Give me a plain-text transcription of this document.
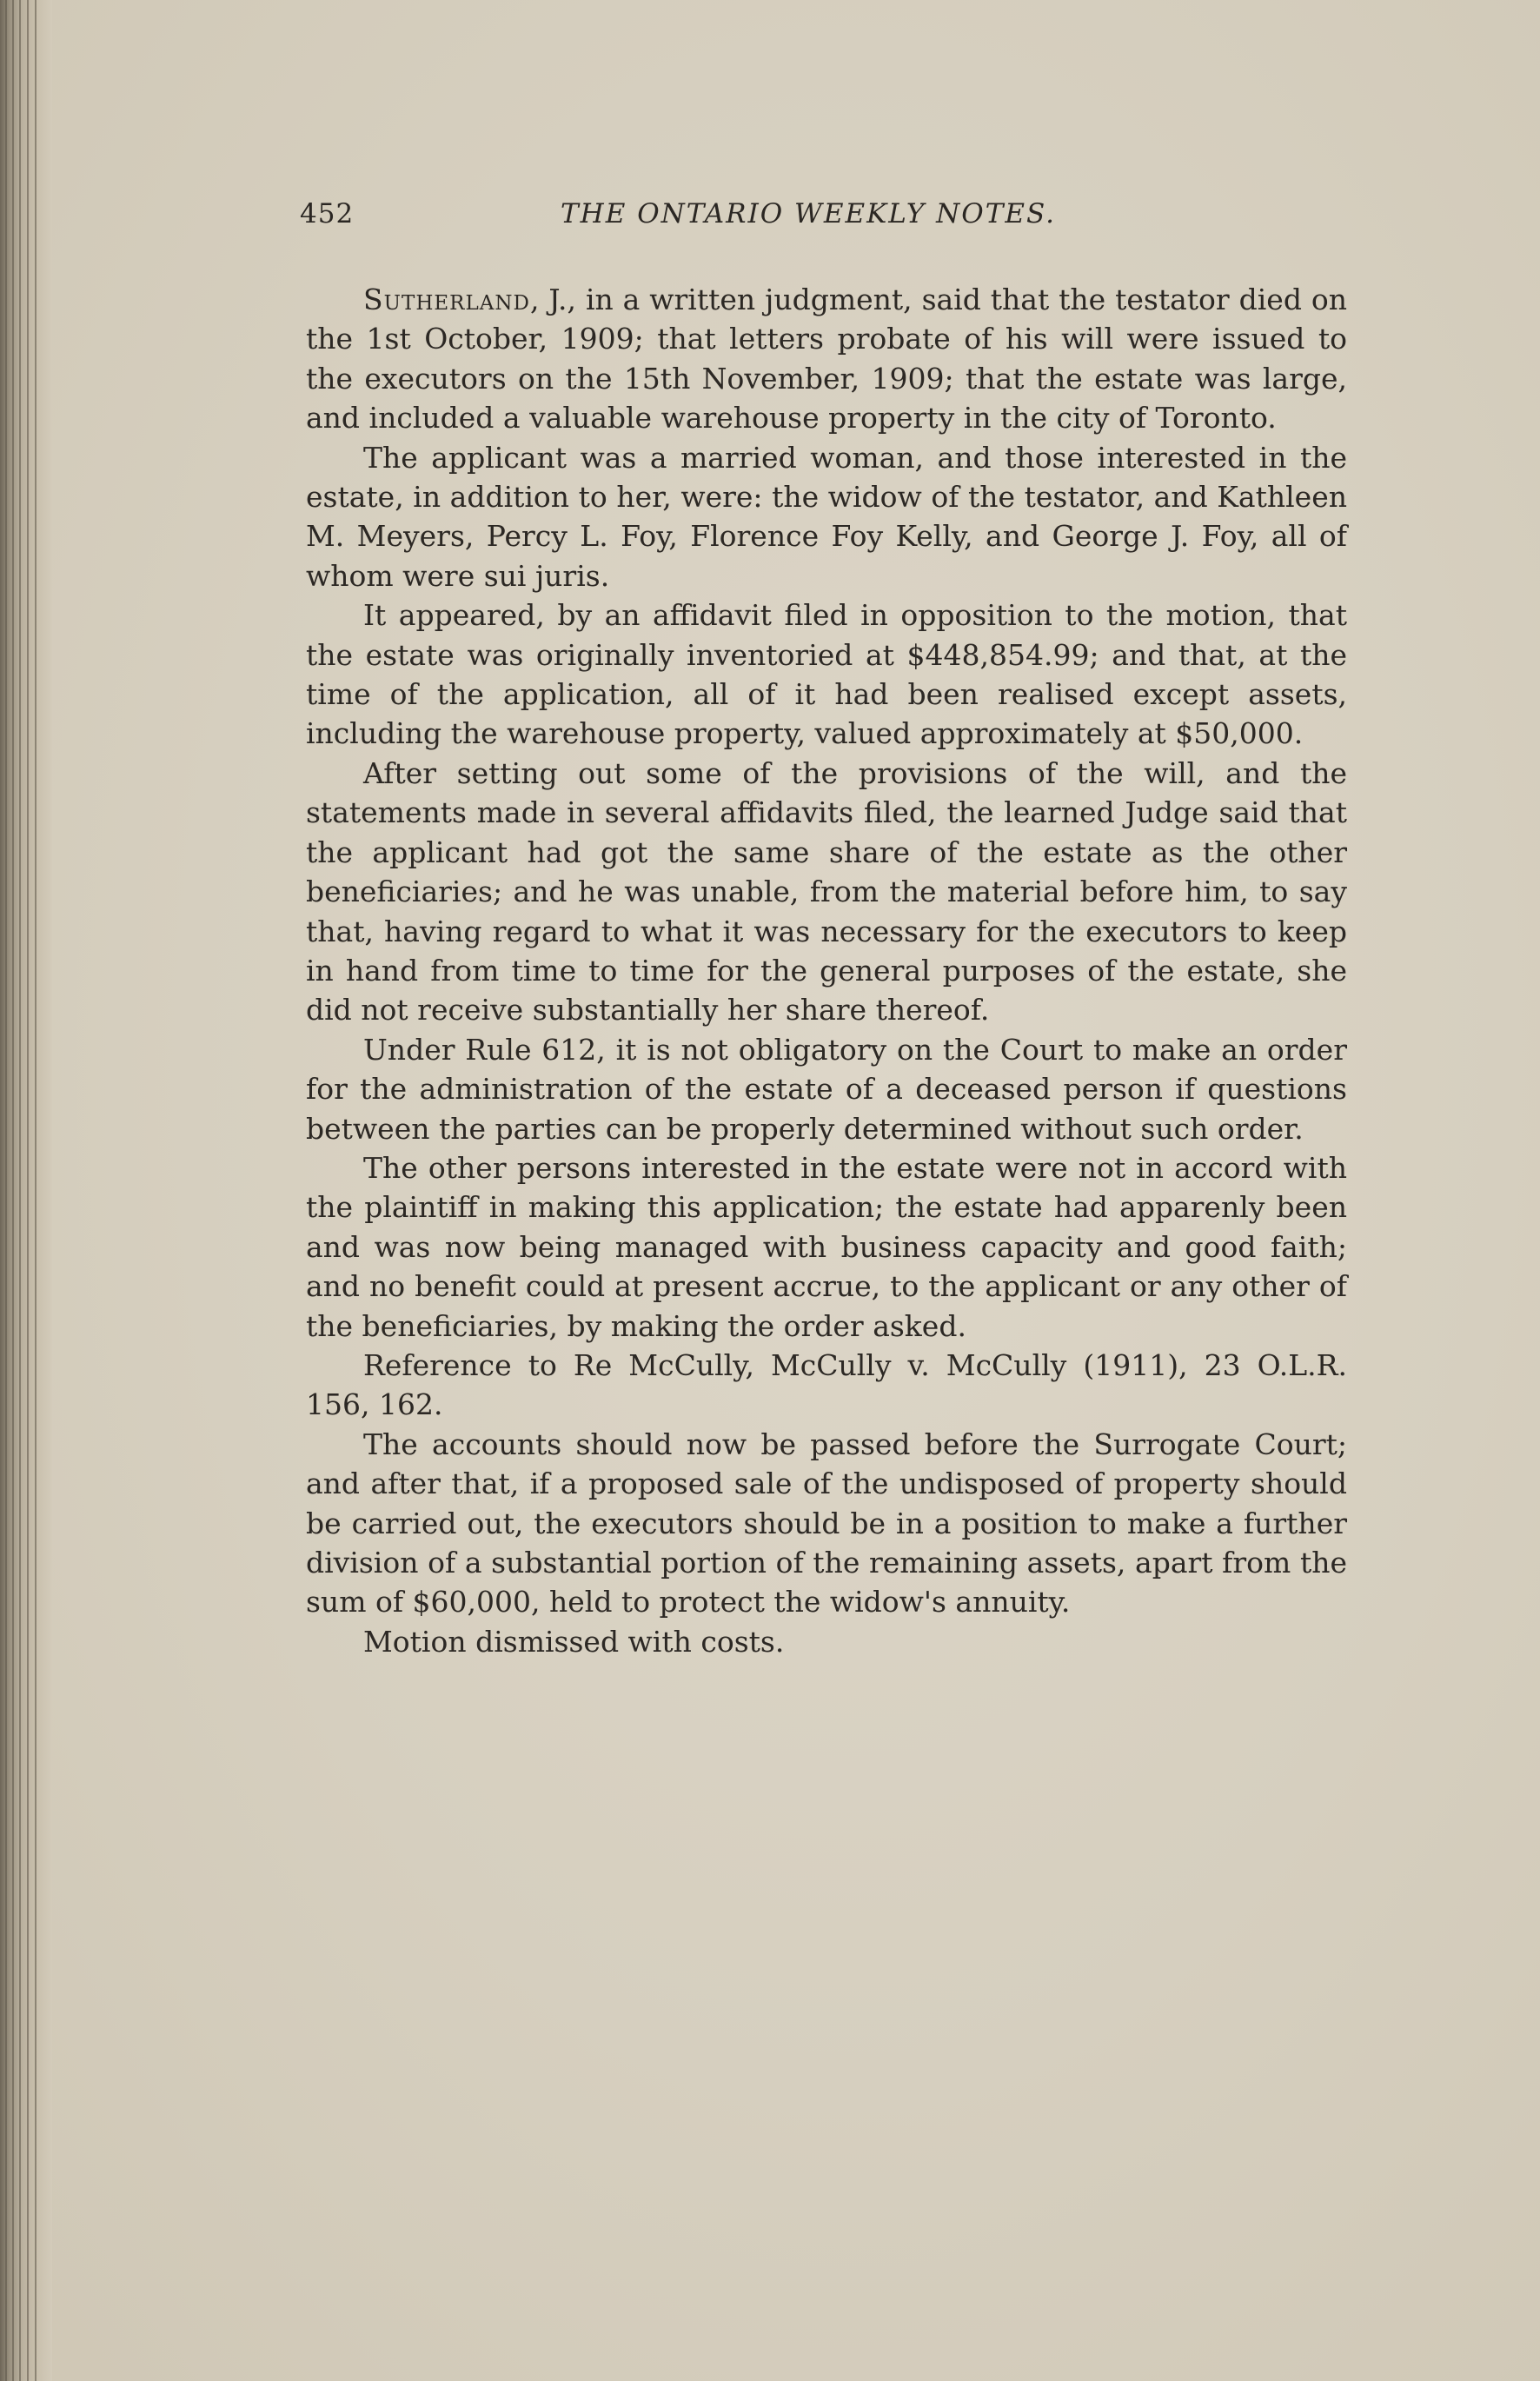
452	THE ONTARIO WEEKLY NOTES.

Sutherland, J., in a written judgment, said that the testator died on the 1st October, 1909; that letters probate of his will were issued to the executors on the 15th November, 1909; that the estate was large, and included a valuable warehouse property in the city of Toronto.

The applicant was a married woman, and those interested in the estate, in addition to her, were: the widow of the testator, and Kathleen M. Meyers, Percy L. Foy, Florence Foy Kelly, and George J. Foy, all of whom were sui juris.

It appeared, by an affidavit filed in opposition to the motion, that the estate was originally inventoried at $448,854.99; and that, at the time of the application, all of it had been realised except assets, including the warehouse property, valued approximately at $50,000.

After setting out some of the provisions of the will, and the statements made in several affidavits filed, the learned Judge said that the applicant had got the same share of the estate as the other beneficiaries; and he was unable, from the material before him, to say that, having regard to what it was necessary for the executors to keep in hand from time to time for the general purposes of the estate, she did not receive substantially her share thereof.

Under Rule 612, it is not obligatory on the Court to make an order for the administration of the estate of a deceased person if questions between the parties can be properly determined without such order.

The other persons interested in the estate were not in accord with the plaintiff in making this application; the estate had apparenly been and was now being managed with business capacity and good faith; and no benefit could at present accrue, to the applicant or any other of the beneficiaries, by making the order asked.

Reference to Re McCully, McCully v. McCully (1911), 23 O.L.R. 156, 162.

The accounts should now be passed before the Surrogate Court; and after that, if a proposed sale of the undisposed of property should be carried out, the executors should be in a position to make a further division of a substantial portion of the remaining assets, apart from the sum of $60,000, held to protect the widow's annuity.

Motion dismissed with costs.
